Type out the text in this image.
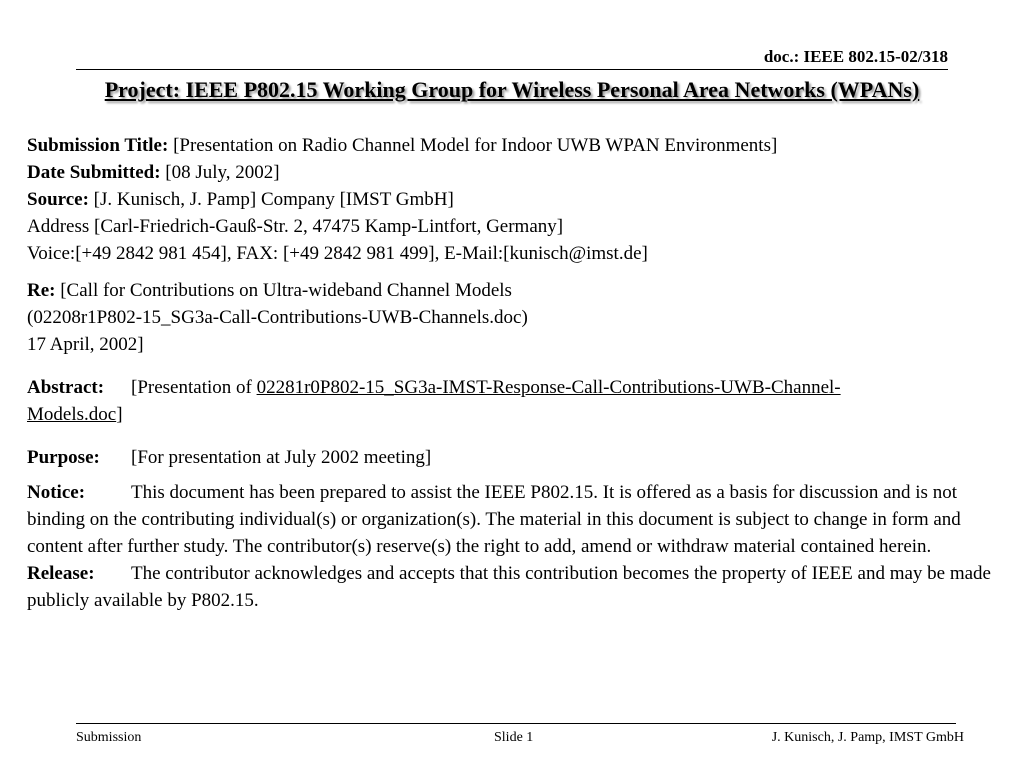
doc.: IEEE 802.15-02/318
Project: IEEE P802.15 Working Group for Wireless Personal Area Networks (WPANs)

Submission Title: [Presentation on Radio Channel Model for Indoor UWB WPAN Environments]

Date Submitted: [08 July, 2002]

Source: [J. Kunisch, J. Pamp] Company [IMST GmbH]

Address [Carl-Friedrich-Gauß-Str. 2, 47475 Kamp-Lintfort, Germany]

Voice:[+49 2842 981 454], FAX: [+49 2842 981 499], E-Mail:[kunisch@imst.de]

Re: [Call for Contributions on Ultra-wideband Channel Models

(02208r1P802-15_SG3a-Call-Contributions-UWB-Channels.doc)

17 April, 2002]

Abstract: [Presentation of 02281r0P802-15_SG3a-IMST-Response-Call-Contributions-UWB-Channel-
Models.doc]

Purpose: [For presentation at July 2002 meeting]

Notice: This document has been prepared to assist the IEEE P802.15. It is offered as a basis for discussion and is not binding on the contributing individual(s) or organization(s). The material in this document is subject to change in form and content after further study. The contributor(s) reserve(s) the right to add, amend or withdraw material contained herein.

Release: The contributor acknowledges and accepts that this contribution becomes the property of IEEE and may be made publicly available by P802.15.

Submission	Slide 1	J. Kunisch, J. Pamp, IMST GmbH
